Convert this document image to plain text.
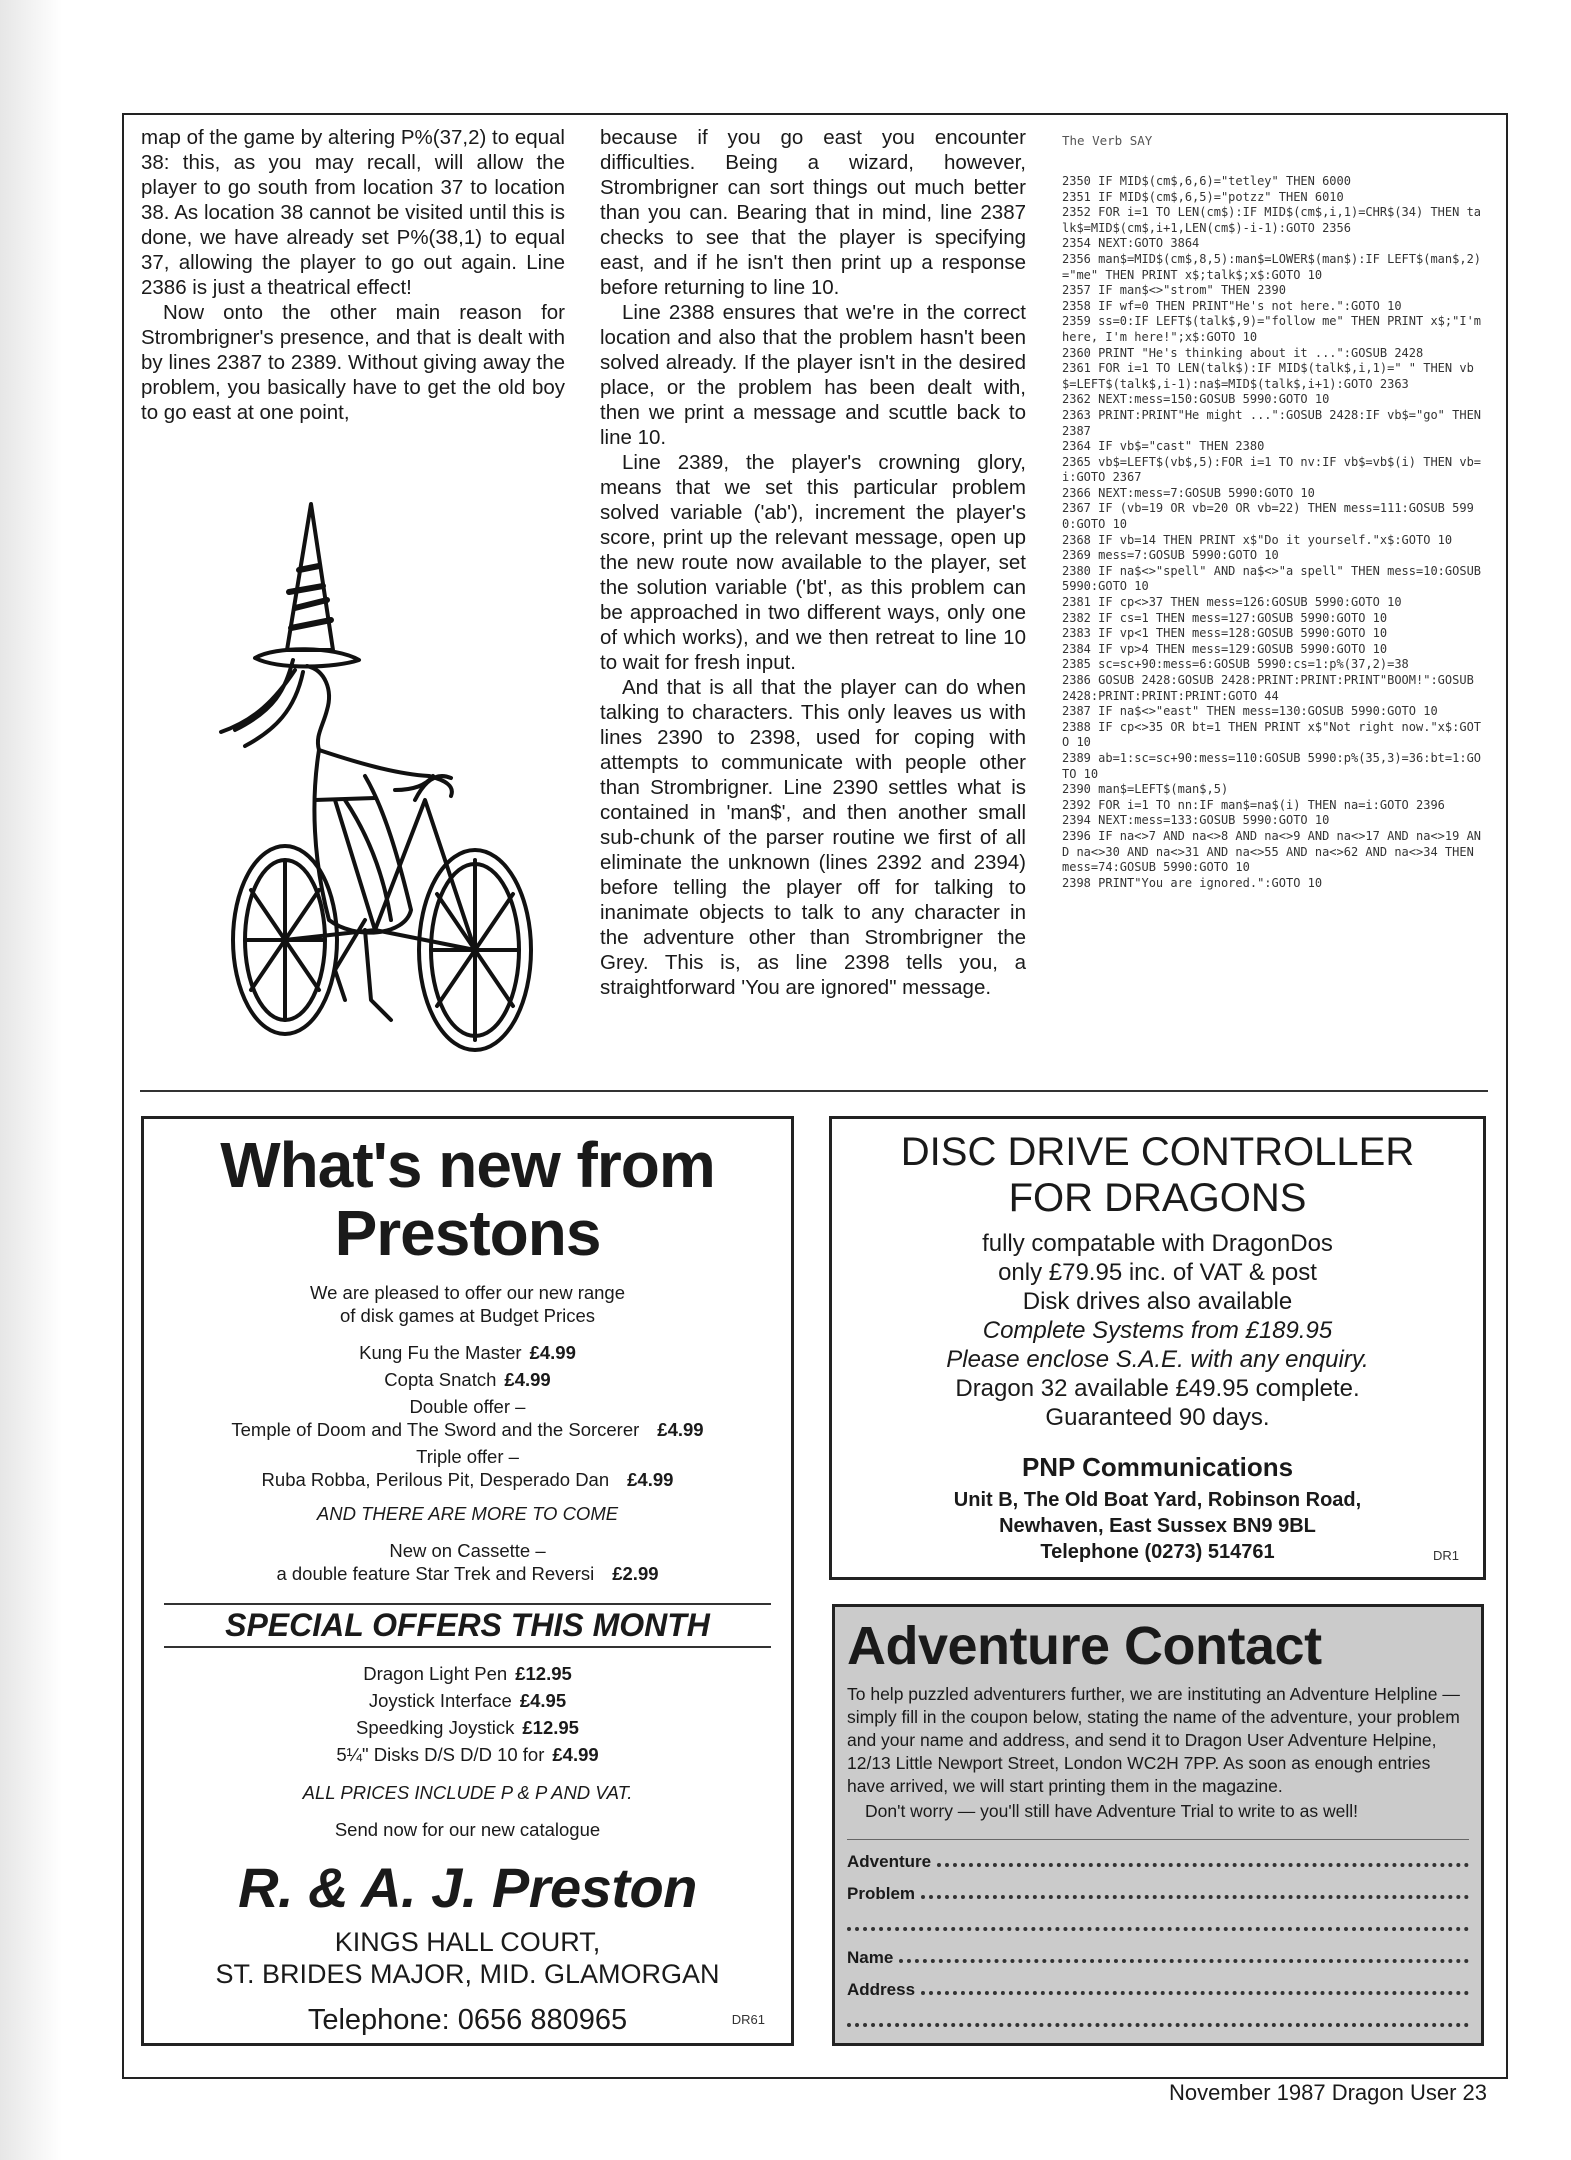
map of the game by altering P%(37,2) to equal 38: this, as you may recall, will allow the player to go south from location 37 to location 38. As location 38 cannot be visited until this is done, we have already set P%(38,1) to equal 37, allowing the player to go out again. Line 2386 is just a theatrical effect!

Now onto the other main reason for Strombrigner's presence, and that is dealt with by lines 2387 to 2389. Without giving away the problem, you basically have to get the old boy to go east at one point,

because if you go east you encounter difficulties. Being a wizard, however, Strombrigner can sort things out much better than you can. Bearing that in mind, line 2387 checks to see that the player is specifying east, and if he isn't then print up a response before returning to line 10.

Line 2388 ensures that we're in the correct location and also that the problem hasn't been solved already. If the player isn't in the desired place, or the problem has been dealt with, then we print a message and scuttle back to line 10.

Line 2389, the player's crowning glory, means that we set this particular problem solved variable ('ab'), increment the player's score, print up the relevant message, open up the new route now available to the player, set the solution variable ('bt', as this problem can be approached in two different ways, only one of which works), and we then retreat to line 10 to wait for fresh input.

And that is all that the player can do when talking to characters. This only leaves us with lines 2390 to 2398, used for coping with attempts to communicate with people other than Strombrigner. Line 2390 settles what is contained in 'man$', and then another small sub-chunk of the parser routine we first of all eliminate the unknown (lines 2392 and 2394) before telling the player off for talking to inanimate objects to talk to any character in the adventure other than Strombrigner the Grey. This is, as line 2398 tells you, a straightforward 'You are ignored" message.

The Verb SAY
2350 IF MID$(cm$,6,6)="tetley" THEN 6000
2351 IF MID$(cm$,6,5)="potzz" THEN 6010
2352 FOR i=1 TO LEN(cm$):IF MID$(cm$,i,1)=CHR$(34) THEN talk$=MID$(cm$,i+1,LEN(cm$)-i-1):GOTO 2356
2354 NEXT:GOTO 3864
2356 man$=MID$(cm$,8,5):man$=LOWER$(man$):IF LEFT$(man$,2)="me" THEN PRINT x$;talk$;x$:GOTO 10
2357 IF man$<>"strom" THEN 2390
2358 IF wf=0 THEN PRINT"He's not here.":GOTO 10
2359 ss=0:IF LEFT$(talk$,9)="follow me" THEN PRINT x$;"I'm here, I'm here!";x$:GOTO 10
2360 PRINT "He's thinking about it ...":GOSUB 2428
2361 FOR i=1 TO LEN(talk$):IF MID$(talk$,i,1)=" " THEN vb$=LEFT$(talk$,i-1):na$=MID$(talk$,i+1):GOTO 2363
2362 NEXT:mess=150:GOSUB 5990:GOTO 10
2363 PRINT:PRINT"He might ...":GOSUB 2428:IF vb$="go" THEN 2387
2364 IF vb$="cast" THEN 2380
2365 vb$=LEFT$(vb$,5):FOR i=1 TO nv:IF vb$=vb$(i) THEN vb=i:GOTO 2367
2366 NEXT:mess=7:GOSUB 5990:GOTO 10
2367 IF (vb=19 OR vb=20 OR vb=22) THEN mess=111:GOSUB 5990:GOTO 10
2368 IF vb=14 THEN PRINT x$"Do it yourself."x$:GOTO 10
2369 mess=7:GOSUB 5990:GOTO 10
2380 IF na$<>"spell" AND na$<>"a spell" THEN mess=10:GOSUB 5990:GOTO 10
2381 IF cp<>37 THEN mess=126:GOSUB 5990:GOTO 10
2382 IF cs=1 THEN mess=127:GOSUB 5990:GOTO 10
2383 IF vp<1 THEN mess=128:GOSUB 5990:GOTO 10
2384 IF vp>4 THEN mess=129:GOSUB 5990:GOTO 10
2385 sc=sc+90:mess=6:GOSUB 5990:cs=1:p%(37,2)=38
2386 GOSUB 2428:GOSUB 2428:PRINT:PRINT:PRINT"BOOM!":GOSUB 2428:PRINT:PRINT:PRINT:GOTO 44
2387 IF na$<>"east" THEN mess=130:GOSUB 5990:GOTO 10
2388 IF cp<>35 OR bt=1 THEN PRINT x$"Not right now."x$:GOTO 10
2389 ab=1:sc=sc+90:mess=110:GOSUB 5990:p%(35,3)=36:bt=1:GOTO 10
2390 man$=LEFT$(man$,5)
2392 FOR i=1 TO nn:IF man$=na$(i) THEN na=i:GOTO 2396
2394 NEXT:mess=133:GOSUB 5990:GOTO 10
2396 IF na<>7 AND na<>8 AND na<>9 AND na<>17 AND na<>19 AND na<>30 AND na<>31 AND na<>55 AND na<>62 AND na<>34 THEN mess=74:GOSUB 5990:GOTO 10
2398 PRINT"You are ignored.":GOTO 10
What's new from
Prestons
We are pleased to offer our new range
of disk games at Budget Prices
Kung Fu the Master £4.99
Copta Snatch £4.99
Double offer –
Temple of Doom and The Sword and the Sorcerer £4.99
Triple offer –
Ruba Robba, Perilous Pit, Desperado Dan £4.99
AND THERE ARE MORE TO COME
New on Cassette –
a double feature Star Trek and Reversi £2.99
SPECIAL OFFERS THIS MONTH
Dragon Light Pen £12.95
Joystick Interface £4.95
Speedking Joystick £12.95
5¼" Disks D/S D/D 10 for £4.99
ALL PRICES INCLUDE P & P AND VAT.
Send now for our new catalogue
R. & A. J. Preston
KINGS HALL COURT,
ST. BRIDES MAJOR, MID. GLAMORGAN
Telephone: 0656 880965	DR61
DISC DRIVE CONTROLLER
FOR DRAGONS
fully compatable with DragonDos
only £79.95 inc. of VAT & post
Disk drives also available
Complete Systems from £189.95
Please enclose S.A.E. with any enquiry.
Dragon 32 available £49.95 complete.
Guaranteed 90 days.
PNP Communications
Unit B, The Old Boat Yard, Robinson Road,
Newhaven, East Sussex BN9 9BL
Telephone (0273) 514761	DR1
Adventure Contact
To help puzzled adventurers further, we are instituting an Adventure Helpline — simply fill in the coupon below, stating the name of the adventure, your problem and your name and address, and send it to Dragon User Adventure Helpine, 12/13 Little Newport Street, London WC2H 7PP. As soon as enough entries have arrived, we will start printing them in the magazine.
Don't worry — you'll still have Adventure Trial to write to as well!
Adventure
Problem
Name
Address
November 1987 Dragon User 23
